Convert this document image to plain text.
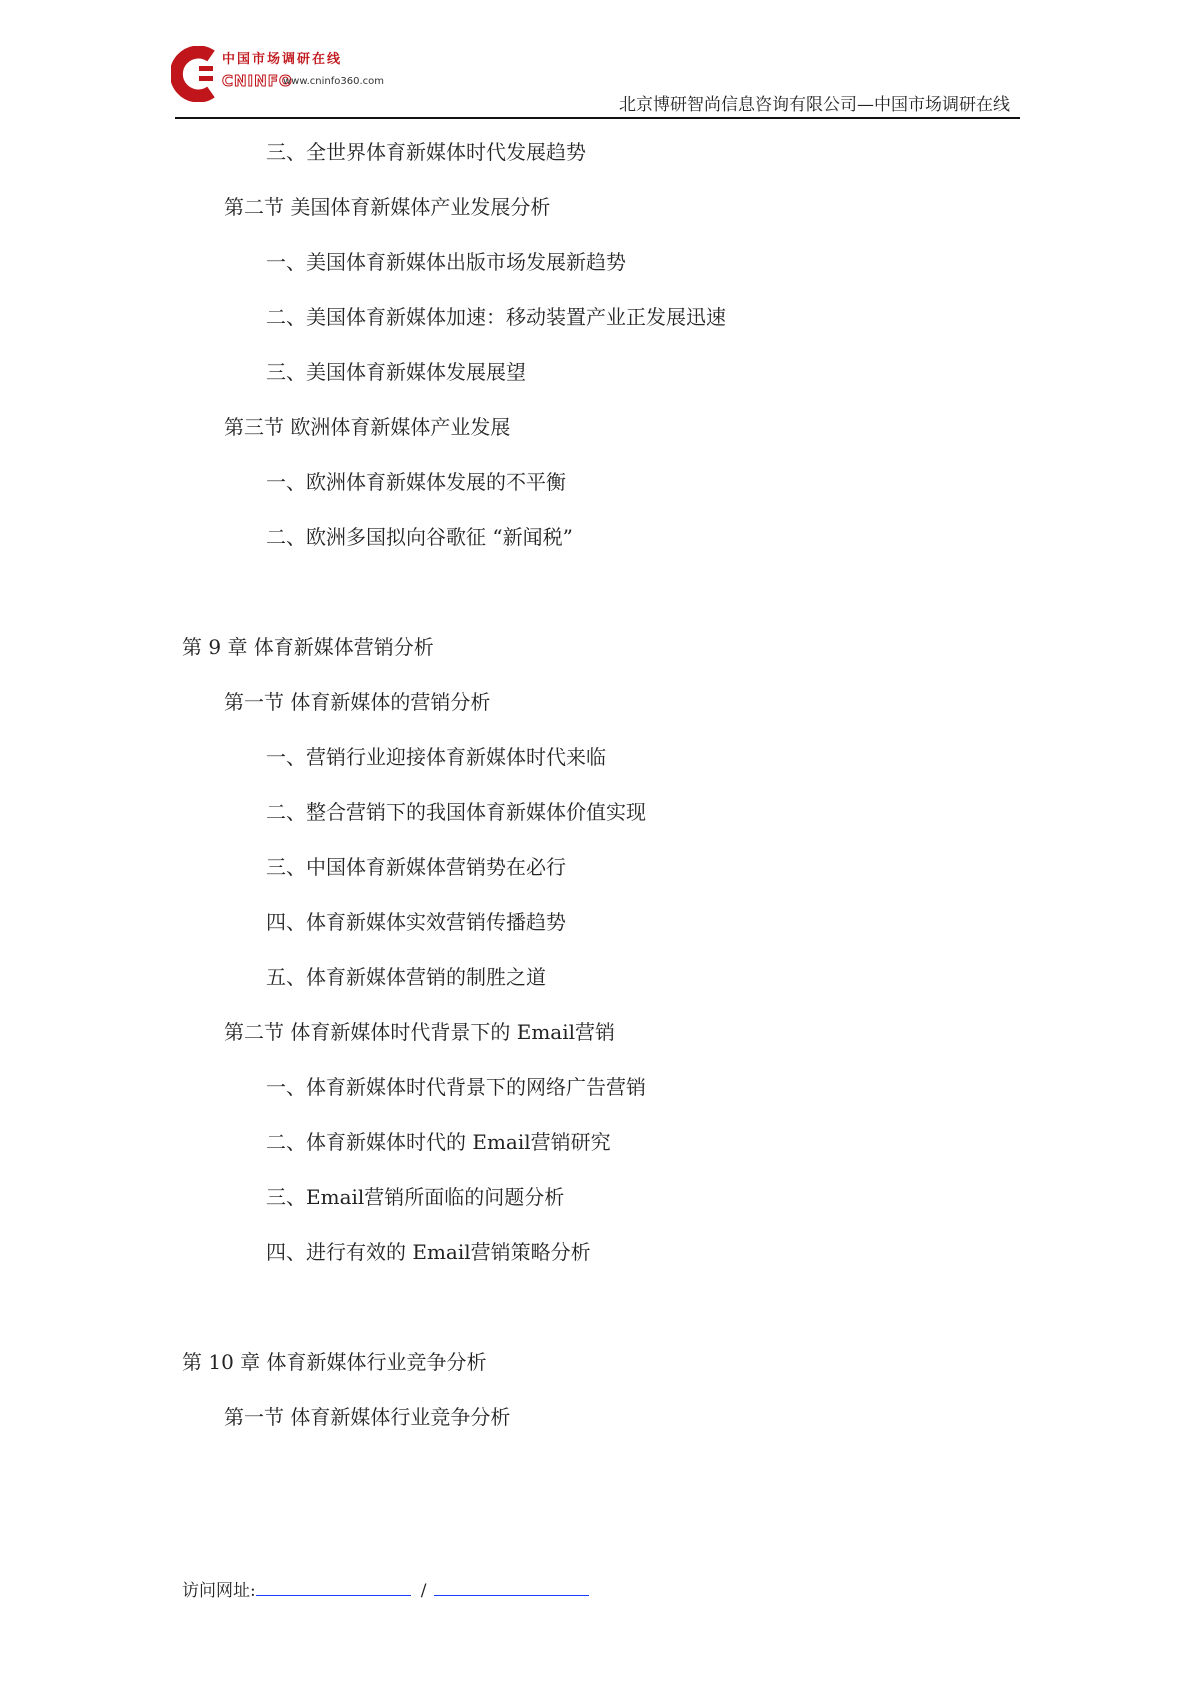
中国市场调研在线
CNINFO
www.cninfo360.com
北京博研智尚信息咨询有限公司—中国市场调研在线
三、全世界体育新媒体时代发展趋势
第二节 美国体育新媒体产业发展分析
一、美国体育新媒体出版市场发展新趋势
二、美国体育新媒体加速：移动装置产业正发展迅速
三、美国体育新媒体发展展望
第三节 欧洲体育新媒体产业发展
一、欧洲体育新媒体发展的不平衡
二、欧洲多国拟向谷歌征 “新闻税”
第 9 章 体育新媒体营销分析
第一节 体育新媒体的营销分析
一、营销行业迎接体育新媒体时代来临
二、整合营销下的我国体育新媒体价值实现
三、中国体育新媒体营销势在必行
四、体育新媒体实效营销传播趋势
五、体育新媒体营销的制胜之道
第二节 体育新媒体时代背景下的 Email营销
一、体育新媒体时代背景下的网络广告营销
二、体育新媒体时代的 Email营销研究
三、Email营销所面临的问题分析
四、进行有效的 Email营销策略分析
第 10 章 体育新媒体行业竞争分析
第一节 体育新媒体行业竞争分析
访问网址:	/
